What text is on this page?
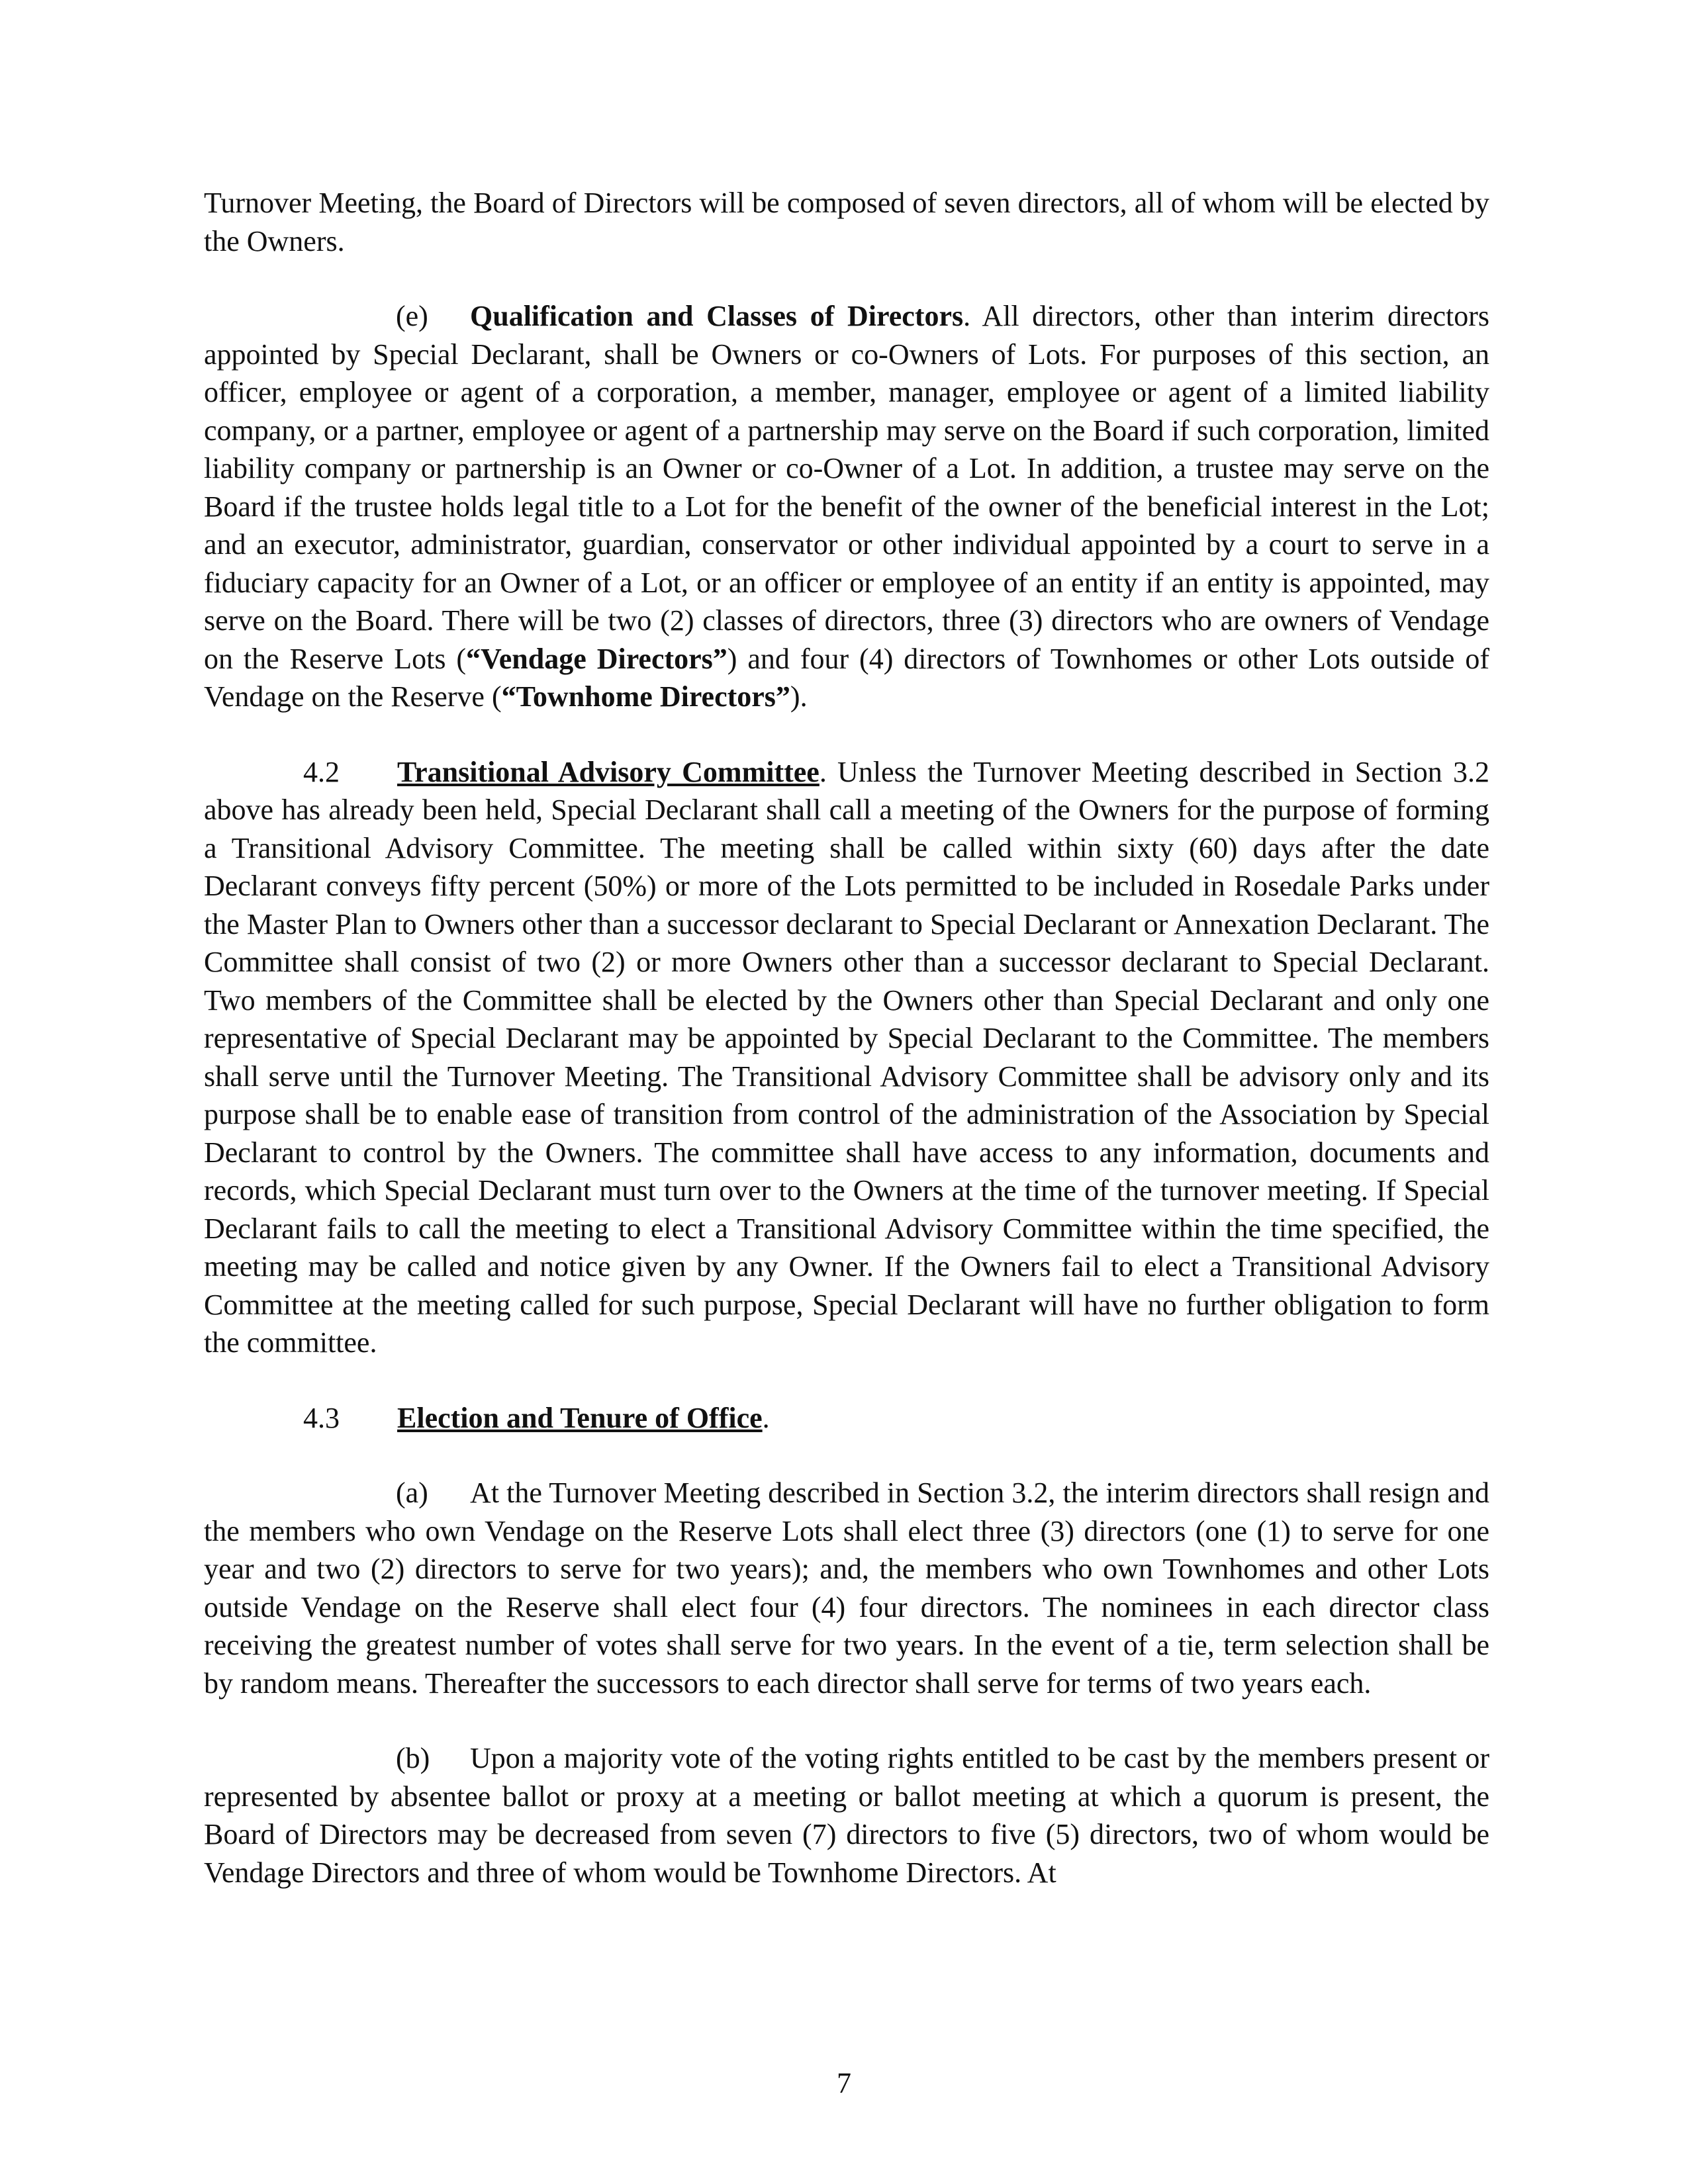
Turnover Meeting, the Board of Directors will be composed of seven directors, all of whom will be elected by the Owners.

(e) Qualification and Classes of Directors. All directors, other than interim directors appointed by Special Declarant, shall be Owners or co-Owners of Lots. For purposes of this section, an officer, employee or agent of a corporation, a member, manager, employee or agent of a limited liability company, or a partner, employee or agent of a partnership may serve on the Board if such corporation, limited liability company or partnership is an Owner or co-Owner of a Lot. In addition, a trustee may serve on the Board if the trustee holds legal title to a Lot for the benefit of the owner of the beneficial interest in the Lot; and an executor, administrator, guardian, conservator or other individual appointed by a court to serve in a fiduciary capacity for an Owner of a Lot, or an officer or employee of an entity if an entity is appointed, may serve on the Board. There will be two (2) classes of directors, three (3) directors who are owners of Vendage on the Reserve Lots (“Vendage Directors”) and four (4) directors of Townhomes or other Lots outside of Vendage on the Reserve (“Townhome Directors”).

4.2 Transitional Advisory Committee. Unless the Turnover Meeting described in Section 3.2 above has already been held, Special Declarant shall call a meeting of the Owners for the purpose of forming a Transitional Advisory Committee. The meeting shall be called within sixty (60) days after the date Declarant conveys fifty percent (50%) or more of the Lots permitted to be included in Rosedale Parks under the Master Plan to Owners other than a successor declarant to Special Declarant or Annexation Declarant. The Committee shall consist of two (2) or more Owners other than a successor declarant to Special Declarant. Two members of the Committee shall be elected by the Owners other than Special Declarant and only one representative of Special Declarant may be appointed by Special Declarant to the Committee. The members shall serve until the Turnover Meeting. The Transitional Advisory Committee shall be advisory only and its purpose shall be to enable ease of transition from control of the administration of the Association by Special Declarant to control by the Owners. The committee shall have access to any information, documents and records, which Special Declarant must turn over to the Owners at the time of the turnover meeting. If Special Declarant fails to call the meeting to elect a Transitional Advisory Committee within the time specified, the meeting may be called and notice given by any Owner. If the Owners fail to elect a Transitional Advisory Committee at the meeting called for such purpose, Special Declarant will have no further obligation to form the committee.

4.3 Election and Tenure of Office.

(a) At the Turnover Meeting described in Section 3.2, the interim directors shall resign and the members who own Vendage on the Reserve Lots shall elect three (3) directors (one (1) to serve for one year and two (2) directors to serve for two years); and, the members who own Townhomes and other Lots outside Vendage on the Reserve shall elect four (4) four directors. The nominees in each director class receiving the greatest number of votes shall serve for two years. In the event of a tie, term selection shall be by random means. Thereafter the successors to each director shall serve for terms of two years each.

(b) Upon a majority vote of the voting rights entitled to be cast by the members present or represented by absentee ballot or proxy at a meeting or ballot meeting at which a quorum is present, the Board of Directors may be decreased from seven (7) directors to five (5) directors, two of whom would be Vendage Directors and three of whom would be Townhome Directors. At

7
